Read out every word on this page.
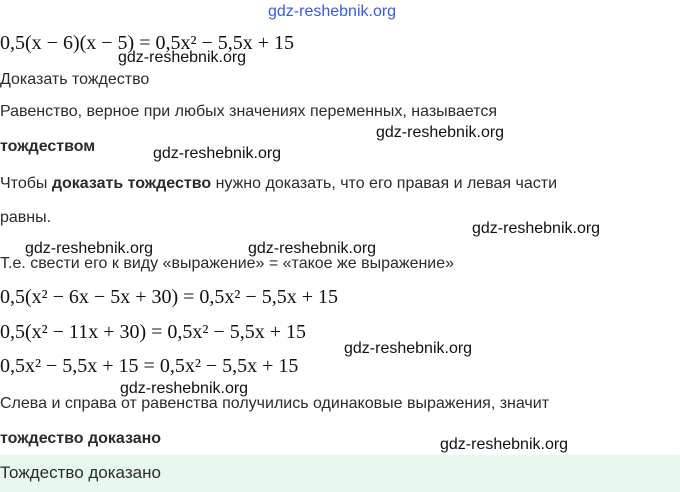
gdz-reshebnik.org
gdz-reshebnik.org
gdz-reshebnik.org
gdz-reshebnik.org
gdz-reshebnik.org
gdz-reshebnik.org	gdz-reshebnik.org
gdz-reshebnik.org
gdz-reshebnik.org
gdz-reshebnik.org
0,5(x − 6)(x − 5) = 0,5x² − 5,5x + 15
Доказать тождество
Равенство, верное при любых значениях переменных, называется
тождеством
Чтобы доказать тождество нужно доказать, что его правая и левая части
равны.
Т.е. свести его к виду «выражение» = «такое же выражение»
0,5(x² − 6x − 5x + 30) = 0,5x² − 5,5x + 15
0,5(x² − 11x + 30) = 0,5x² − 5,5x + 15
0,5x² − 5,5x + 15 = 0,5x² − 5,5x + 15
Слева и справа от равенства получились одинаковые выражения, значит
тождество доказано
Тождество доказано
